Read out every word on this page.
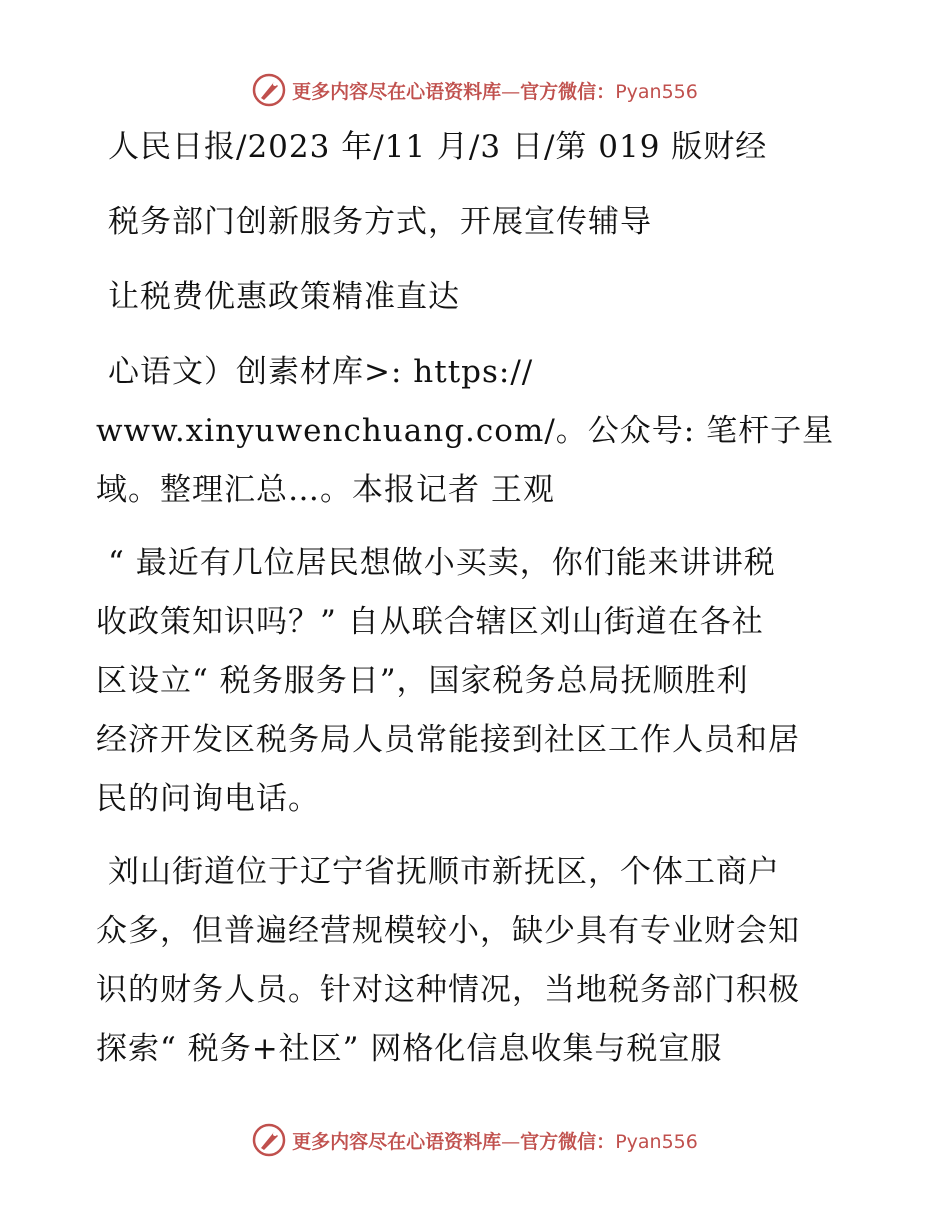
更多内容尽在心语资料库—官方微信：Pyan556
人民日报/2023 年/11 月/3 日/第 019 版财经
税务部门创新服务方式，开展宣传辅导
让税费优惠政策精准直达
心语文）创素材库>: https://
www.xinyuwenchuang.com/。公众号: 笔杆子星
域。整理汇总…。本报记者 王观
“ 最近有几位居民想做小买卖，你们能来讲讲税
收政策知识吗？” 自从联合辖区刘山街道在各社
区设立“ 税务服务日”，国家税务总局抚顺胜利
经济开发区税务局人员常能接到社区工作人员和居
民的问询电话。
刘山街道位于辽宁省抚顺市新抚区，个体工商户
众多，但普遍经营规模较小，缺少具有专业财会知
识的财务人员。针对这种情况，当地税务部门积极
探索“ 税务+社区” 网格化信息收集与税宣服
更多内容尽在心语资料库—官方微信：Pyan556
